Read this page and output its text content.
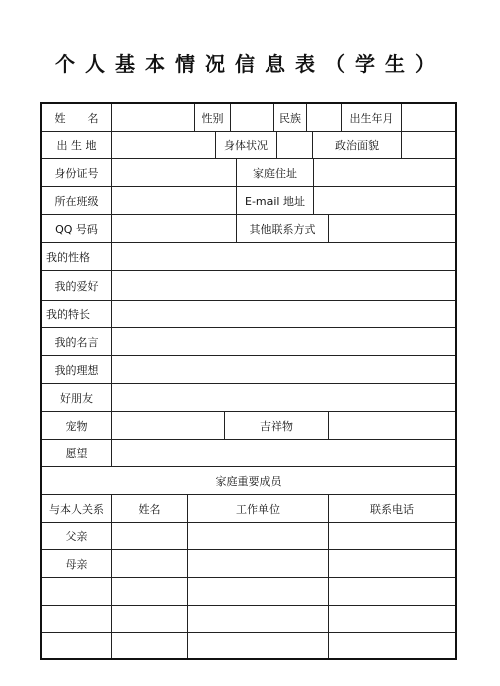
个人基本情况信息表（学生）
姓　　名	性别	民族	出生年月
出 生 地	身体状况	政治面貌
身份证号	家庭住址
所在班级	E-mail 地址
QQ 号码	其他联系方式
我的性格
我的爱好
我的特长
我的名言
我的理想
好朋友
宠物	吉祥物
愿望
家庭重要成员
与本人关系	姓名	工作单位	联系电话
父亲
母亲
